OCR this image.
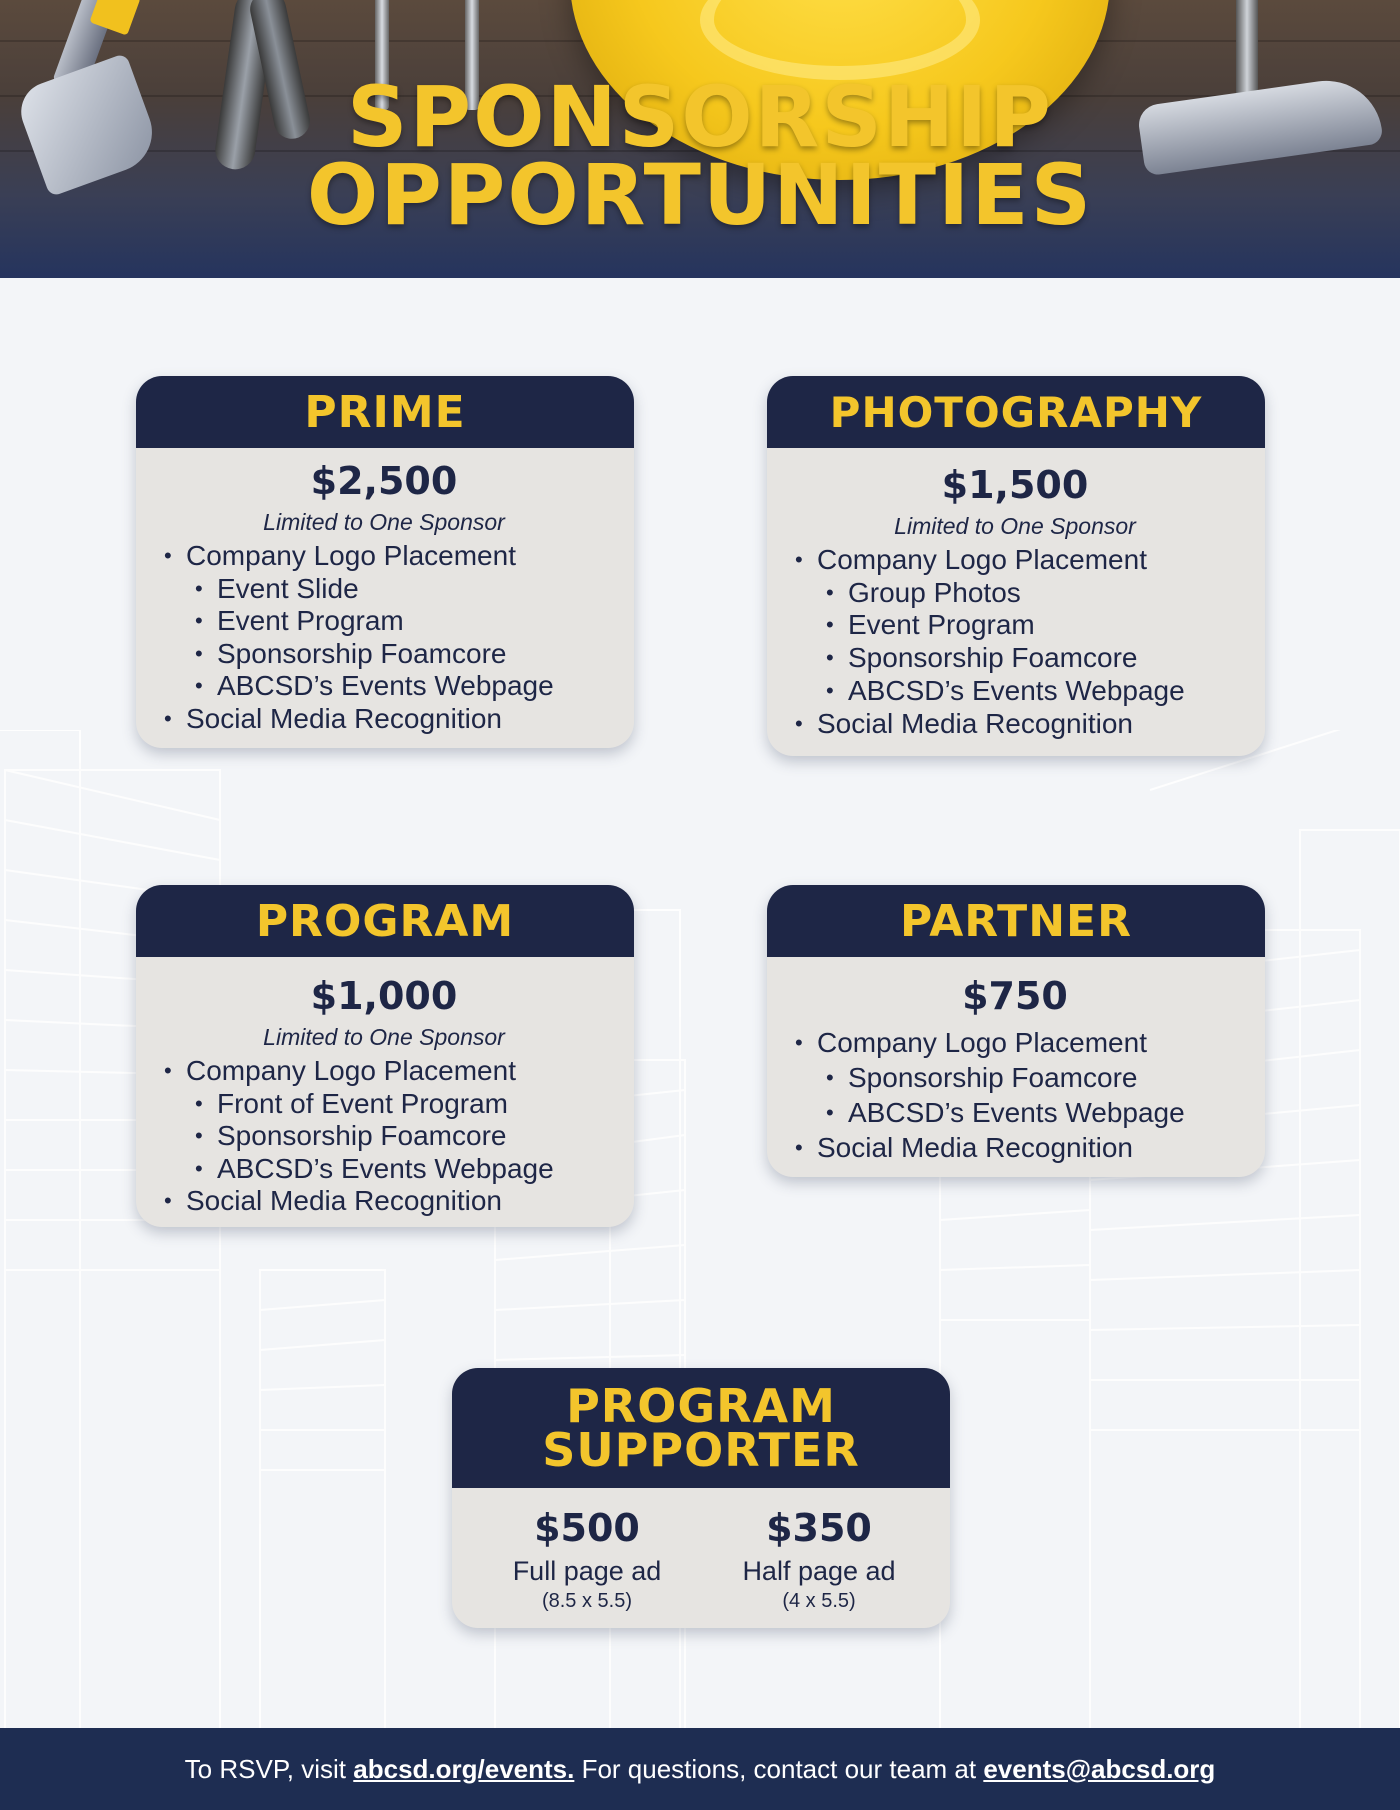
SPONSORSHIP
OPPORTUNITIES
PRIME
$2,500
Limited to One Sponsor
• Company Logo Placement
• Event Slide
• Event Program
• Sponsorship Foamcore
• ABCSD’s Events Webpage
• Social Media Recognition
PHOTOGRAPHY
$1,500
Limited to One Sponsor
• Company Logo Placement
• Group Photos
• Event Program
• Sponsorship Foamcore
• ABCSD’s Events Webpage
• Social Media Recognition
PROGRAM
$1,000
Limited to One Sponsor
• Company Logo Placement
• Front of Event Program
• Sponsorship Foamcore
• ABCSD’s Events Webpage
• Social Media Recognition
PARTNER
$750
• Company Logo Placement
• Sponsorship Foamcore
• ABCSD’s Events Webpage
• Social Media Recognition
PROGRAM
SUPPORTER
$500
Full page ad
(8.5 x 5.5)
$350
Half page ad
(4 x 5.5)
To RSVP, visit abcsd.org/events. For questions, contact our team at events@abcsd.org
